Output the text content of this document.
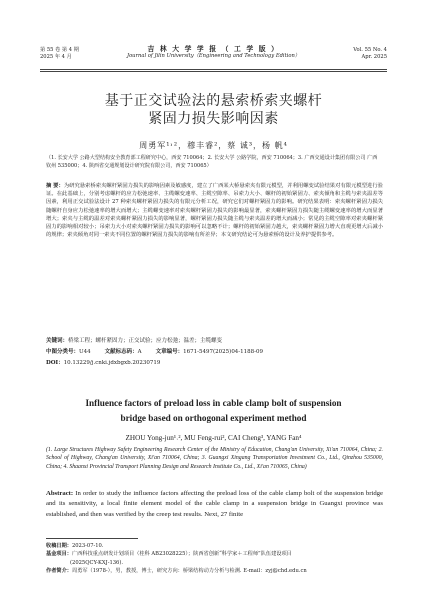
第 55 卷 第 4 期
2025 年 4 月
吉 林 大 学 学 报 （ 工 学 版 ）
Journal of Jilin University（Engineering and Technology Edition）
Vol. 55 No. 4
Apr. 2025
基于正交试验法的悬索桥索夹螺杆
紧固力损失影响因素
周勇军¹˒²，穆丰睿²，蔡 诚³，杨 帆⁴
（1. 长安大学 公路大型结构安全教育部工程研究中心，西安 710064；2. 长安大学 公路学院，西安 710064；3. 广西交通设计集团有限公司 广西 钦州 535000；4. 陕西省交通规划设计研究院有限公司，西安 710065）
摘 要：为研究悬索桥索夹螺杆紧固力损失的影响因素及敏感度，建立了广西某大桥悬索夹有限元模型，并利用螺变试验结果对有限元模型进行验证。在此基础上，分别考虑螺杆的应力松弛速率、主缆螺变速率、主缆空隙率、吊索力大小、螺杆的初始紧固力、索夹倾角和主缆与索夹温差等因素，利用正交试验法设计 27 种索夹螺杆紧固力损失的有限元分析工况，研究它们对螺杆紧固力的影响。研究结果表明：索夹螺杆紧固力损失随螺杆自身应力松弛速率的增大而增大；主缆螺变速率对索夹螺杆紧固力损失的影响最显著，索夹螺杆紧固力损失随主缆螺变速率的增大而显著增大；索夹与主缆的温差对索夹螺杆紧固力损失的影响显著，螺杆紧固力损失随主缆与索夹温差的增大而减小；常见的主缆空隙率对索夹螺杆紧固力的影响相对较小；吊索力大小对索夹螺杆紧固力损失的影响可以忽略不计；螺杆的初始紧固力越大，索夹螺杆紧固力增大直观更增大后减小的规律；索夹倾角对同一索夹不同位置的螺杆紧固力损失的影响有所差异；本文研究结论可为悬索桥的设计及养护提供参考。
关键词：桥梁工程；螺杆紧固力；正交试验；应力松弛；温差；主缆螺变
中图分类号：U44	文献标志码：A	文章编号：1671-5497(2025)04-1188-09
DOI：10.13229/j.cnki.jdxbgxb.20230719
Influence factors of preload loss in cable clamp bolt of suspension
bridge based on orthogonal experiment method
ZHOU Yong-jun¹˒², MU Feng-rui², CAI Cheng³, YANG Fan⁴
(1. Large Structures Highway Safety Engineering Research Center of the Ministry of Education, Chang'an University, Xi'an 710064, China; 2. School of Highway, Chang'an University, Xi'an 710064, China; 3. Guangxi Xingang Transportation Investment Co., Ltd., Qinzhou 535000, China; 4. Shaanxi Provincial Transport Planning Design and Research Institute Co., Ltd., Xi'an 710065, China)
Abstract: In order to study the influence factors affecting the preload loss of the cable clamp bolt of the suspension bridge and its sensitivity, a local finite element model of the cable clamp in a suspension bridge in Guangxi province was established, and then was verified by the creep test results. Next, 27 finite
收稿日期：2023-07-10.
基金项目：广西科技重点研发计划项目（桂科 AB23028225）；陕西省创新“科学家＋工程师”队伍建设项目
(2025QCY-KXJ-136).
作者简介：周勇军（1978-），男，教授，博士，研究方向：桥梁结构动力分析与检测. E-mail：zyj@chd.edu.cn
